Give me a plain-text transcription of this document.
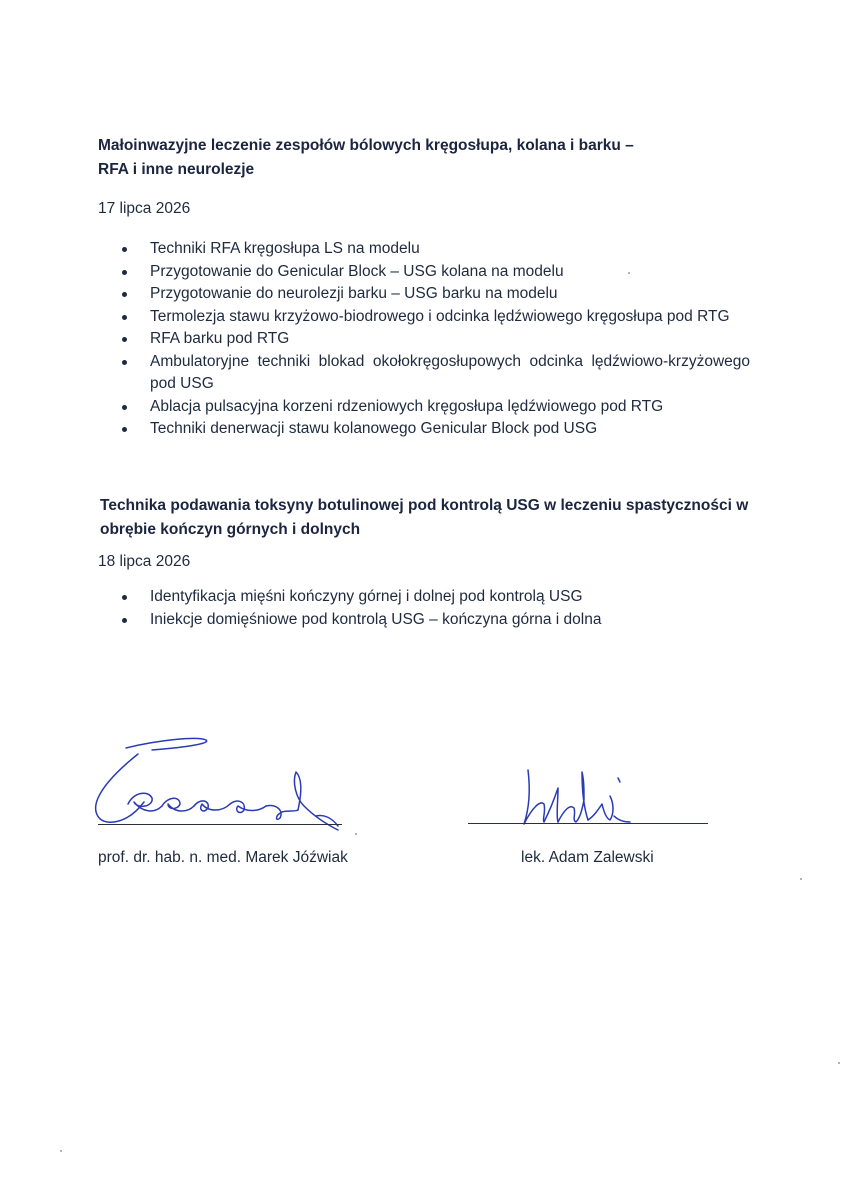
Małoinwazyjne leczenie zespołów bólowych kręgosłupa, kolana i barku –
RFA i inne neurolezje
17 lipca 2026
Techniki RFA kręgosłupa LS na modelu
Przygotowanie do Genicular Block – USG kolana na modelu
Przygotowanie do neurolezji barku – USG barku na modelu
Termolezja stawu krzyżowo-biodrowego i odcinka lędźwiowego kręgosłupa pod RTG
RFA barku pod RTG
Ambulatoryjne techniki blokad okołokręgosłupowych odcinka lędźwiowo-krzyżowego pod USG
Ablacja pulsacyjna korzeni rdzeniowych kręgosłupa lędźwiowego pod RTG
Techniki denerwacji stawu kolanowego Genicular Block pod USG
Technika podawania toksyny botulinowej pod kontrolą USG w leczeniu spastyczności w obrębie kończyn górnych i dolnych
18 lipca 2026
Identyfikacja mięśni kończyny górnej i dolnej pod kontrolą USG
Iniekcje domięśniowe pod kontrolą USG – kończyna górna i dolna
prof. dr. hab. n. med. Marek Jóźwiak	lek. Adam Zalewski
